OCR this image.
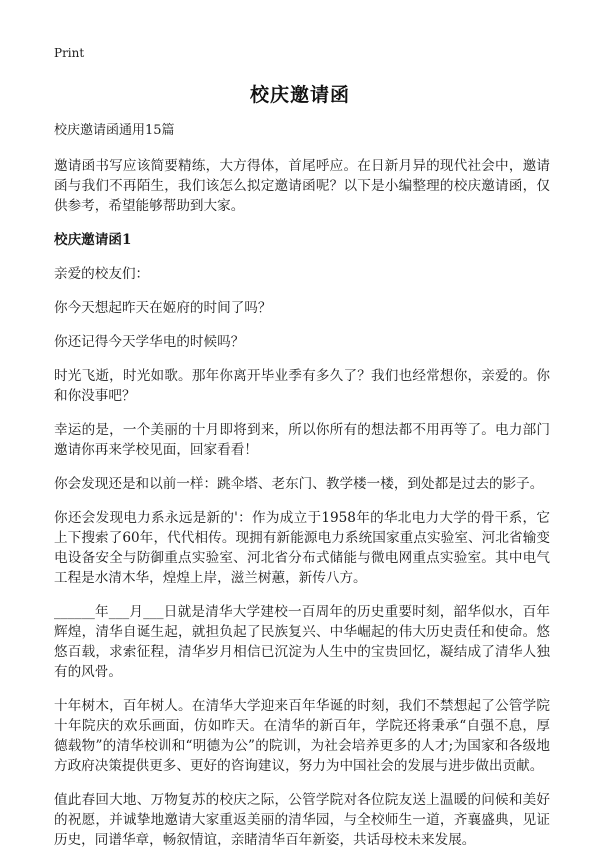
Print
校庆邀请函

校庆邀请函通用15篇

邀请函书写应该简要精练，大方得体，首尾呼应。在日新月异的现代社会中，邀请函与我们不再陌生，我们该怎么拟定邀请函呢？以下是小编整理的校庆邀请函，仅供参考，希望能够帮助到大家。

校庆邀请函1

亲爱的校友们：

你今天想起昨天在姬府的时间了吗？

你还记得今天学华电的时候吗？

时光飞逝，时光如歌。那年你离开毕业季有多久了？我们也经常想你，亲爱的。你和你没事吧？

幸运的是，一个美丽的十月即将到来，所以你所有的想法都不用再等了。电力部门邀请你再来学校见面，回家看看！

你会发现还是和以前一样：跳伞塔、老东门、教学楼一楼，到处都是过去的影子。

你还会发现电力系永远是新的'：作为成立于1958年的华北电力大学的骨干系，它上下搜索了60年，代代相传。现拥有新能源电力系统国家重点实验室、河北省输变电设备安全与防御重点实验室、河北省分布式储能与微电网重点实验室。其中电气工程是水清木华，煌煌上岸，滋兰树蕙，新传八方。

______年___月___日就是清华大学建校一百周年的历史重要时刻，韶华似水，百年辉煌，清华自诞生起，就担负起了民族复兴、中华崛起的伟大历史责任和使命。悠悠百载，求索征程，清华岁月相信已沉淀为人生中的宝贵回忆，凝结成了清华人独有的风骨。

十年树木，百年树人。在清华大学迎来百年华诞的时刻，我们不禁想起了公管学院十年院庆的欢乐画面，仿如昨天。在清华的新百年，学院还将秉承“自强不息，厚德载物”的清华校训和“明德为公”的院训，为社会培养更多的人才;为国家和各级地方政府决策提供更多、更好的咨询建议，努力为中国社会的发展与进步做出贡献。

值此春回大地、万物复苏的校庆之际，公管学院对各位院友送上温暖的问候和美好的祝愿，并诚挚地邀请大家重返美丽的清华园，与全校师生一道，齐襄盛典，见证历史，同谱华章，畅叙情谊，亲睹清华百年新姿，共话母校未来发展。
